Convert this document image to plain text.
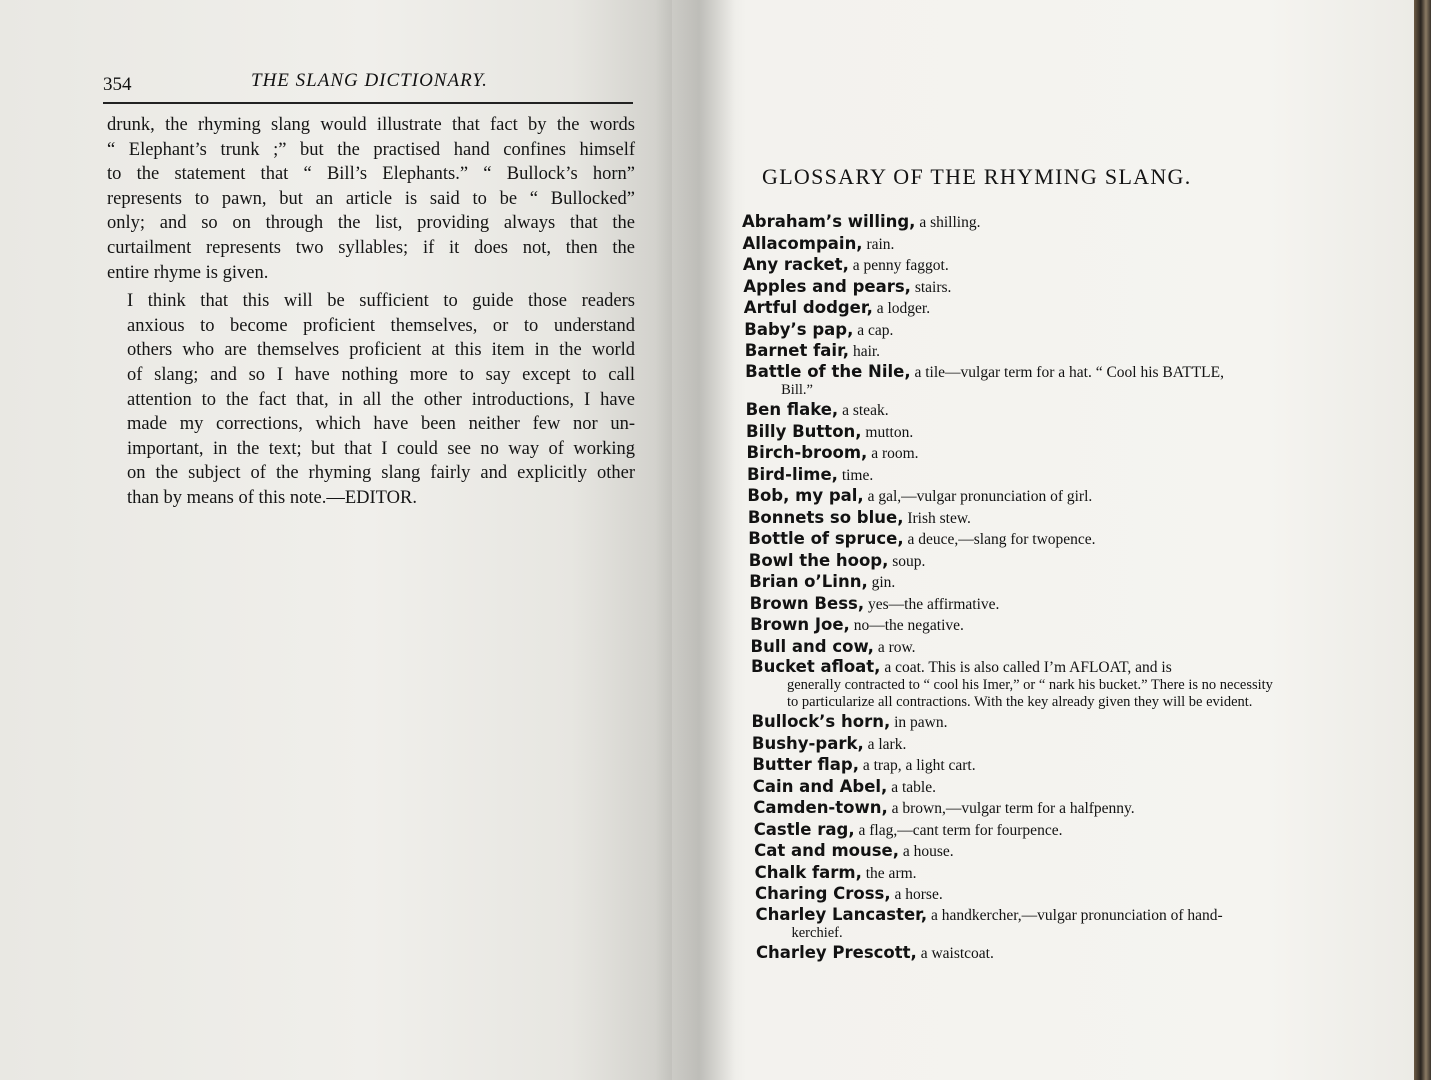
354	THE SLANG DICTIONARY.

drunk, the rhyming slang would illustrate that fact by the words
“ Elephant’s trunk ;” but the practised hand confines himself
to the statement that “ Bill’s Elephants.” “ Bullock’s horn”
represents to pawn, but an article is said to be “ Bullocked”
only; and so on through the list, providing always that the
curtailment represents two syllables; if it does not, then the
entire rhyme is given.

I think that this will be sufficient to guide those readers
anxious to become proficient themselves, or to understand
others who are themselves proficient at this item in the world
of slang; and so I have nothing more to say except to call
attention to the fact that, in all the other introductions, I have
made my corrections, which have been neither few nor un-
important, in the text; but that I could see no way of working
on the subject of the rhyming slang fairly and explicitly other
than by means of this note.—EDITOR.

GLOSSARY OF THE RHYMING SLANG.
Abraham’s willing, a shilling.
Allacompain, rain.
Any racket, a penny faggot.
Apples and pears, stairs.
Artful dodger, a lodger.
Baby’s pap, a cap.
Barnet fair, hair.
Battle of the Nile, a tile—vulgar term for a hat. “ Cool his BATTLE,
Bill.”
Ben flake, a steak.
Billy Button, mutton.
Birch-broom, a room.
Bird-lime, time.
Bob, my pal, a gal,—vulgar pronunciation of girl.
Bonnets so blue, Irish stew.
Bottle of spruce, a deuce,—slang for twopence.
Bowl the hoop, soup.
Brian o’Linn, gin.
Brown Bess, yes—the affirmative.
Brown Joe, no—the negative.
Bull and cow, a row.
Bucket afloat, a coat. This is also called I’m AFLOAT, and is
generally contracted to “ cool his Imer,” or “ nark his bucket.” There is no necessity to particularize all contractions. With the key already given they will be evident.
Bullock’s horn, in pawn.
Bushy-park, a lark.
Butter flap, a trap, a light cart.
Cain and Abel, a table.
Camden-town, a brown,—vulgar term for a halfpenny.
Castle rag, a flag,—cant term for fourpence.
Cat and mouse, a house.
Chalk farm, the arm.
Charing Cross, a horse.
Charley Lancaster, a handkercher,—vulgar pronunciation of hand-
kerchief.
Charley Prescott, a waistcoat.
